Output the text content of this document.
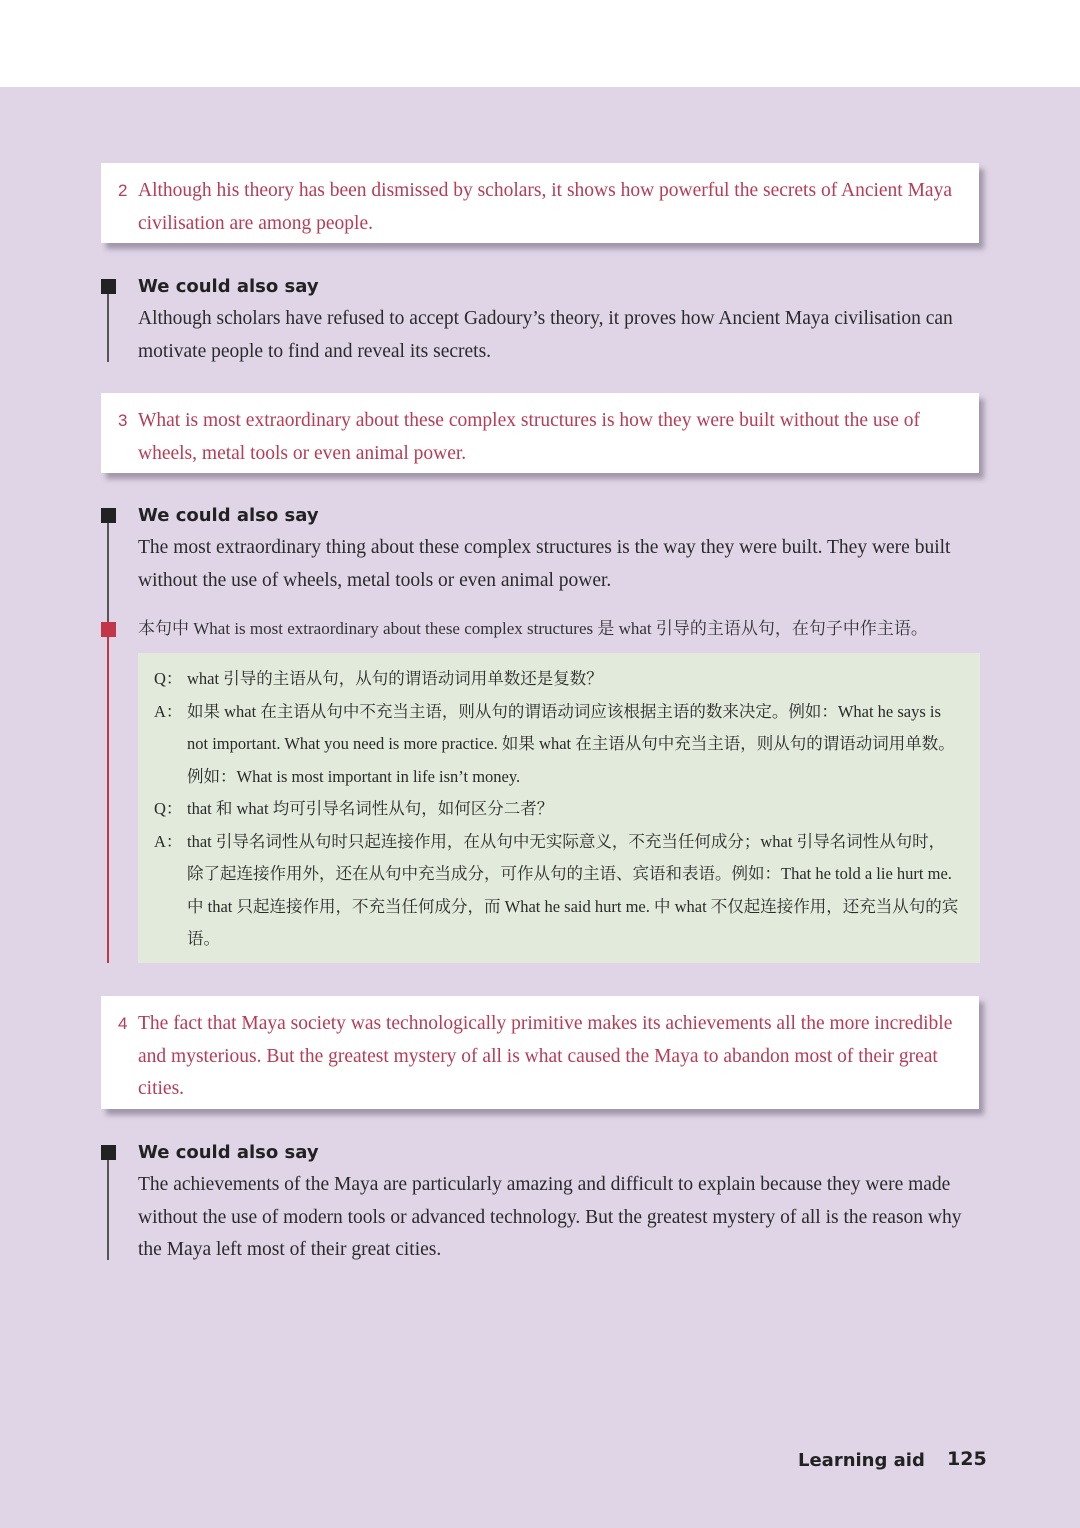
2 Although his theory has been dismissed by scholars, it shows how powerful the secrets of Ancient Maya civilisation are among people.
We could also say
Although scholars have refused to accept Gadoury’s theory, it proves how Ancient Maya civilisation can motivate people to find and reveal its secrets.
3 What is most extraordinary about these complex structures is how they were built without the use of wheels, metal tools or even animal power.
We could also say
The most extraordinary thing about these complex structures is the way they were built. They were built without the use of wheels, metal tools or even animal power.
本句中 What is most extraordinary about these complex structures 是 what 引导的主语从句，在句子中作主语。
Q： what 引导的主语从句，从句的谓语动词用单数还是复数？
A： 如果 what 在主语从句中不充当主语，则从句的谓语动词应该根据主语的数来决定。例如：What he says is not important. What you need is more practice. 如果 what 在主语从句中充当主语，则从句的谓语动词用单数。例如：What is most important in life isn’t money.
Q： that 和 what 均可引导名词性从句，如何区分二者？
A： that 引导名词性从句时只起连接作用，在从句中无实际意义，不充当任何成分；what 引导名词性从句时，除了起连接作用外，还在从句中充当成分，可作从句的主语、宾语和表语。例如：That he told a lie hurt me. 中 that 只起连接作用，不充当任何成分，而 What he said hurt me. 中 what 不仅起连接作用，还充当从句的宾语。
4 The fact that Maya society was technologically primitive makes its achievements all the more incredible and mysterious. But the greatest mystery of all is what caused the Maya to abandon most of their great cities.
We could also say
The achievements of the Maya are particularly amazing and difficult to explain because they were made without the use of modern tools or advanced technology. But the greatest mystery of all is the reason why the Maya left most of their great cities.
Learning aid 125
